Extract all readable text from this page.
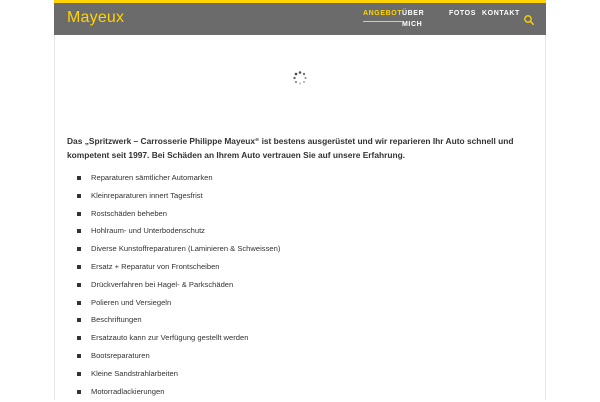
Mayeux	ANGEBOT ÜBER MICH
FOTOS KONTAKT

Das „Spritzwerk – Carrosserie Philippe Mayeux“ ist bestens ausgerüstet und wir reparieren Ihr Auto schnell und kompetent seit 1997. Bei Schäden an Ihrem Auto vertrauen Sie auf unsere Erfahrung.

Reparaturen sämtlicher Automarken
Kleinreparaturen innert Tagesfrist
Rostschäden beheben
Hohlraum- und Unterbodenschutz
Diverse Kunstoffreparaturen (Laminieren & Schweissen)
Ersatz + Reparatur von Frontscheiben
Drückverfahren bei Hagel- & Parkschäden
Polieren und Versiegeln
Beschriftungen
Ersatzauto kann zur Verfügung gestellt werden
Bootsreparaturen
Kleine Sandstrahlarbeiten
Motorradlackierungen
